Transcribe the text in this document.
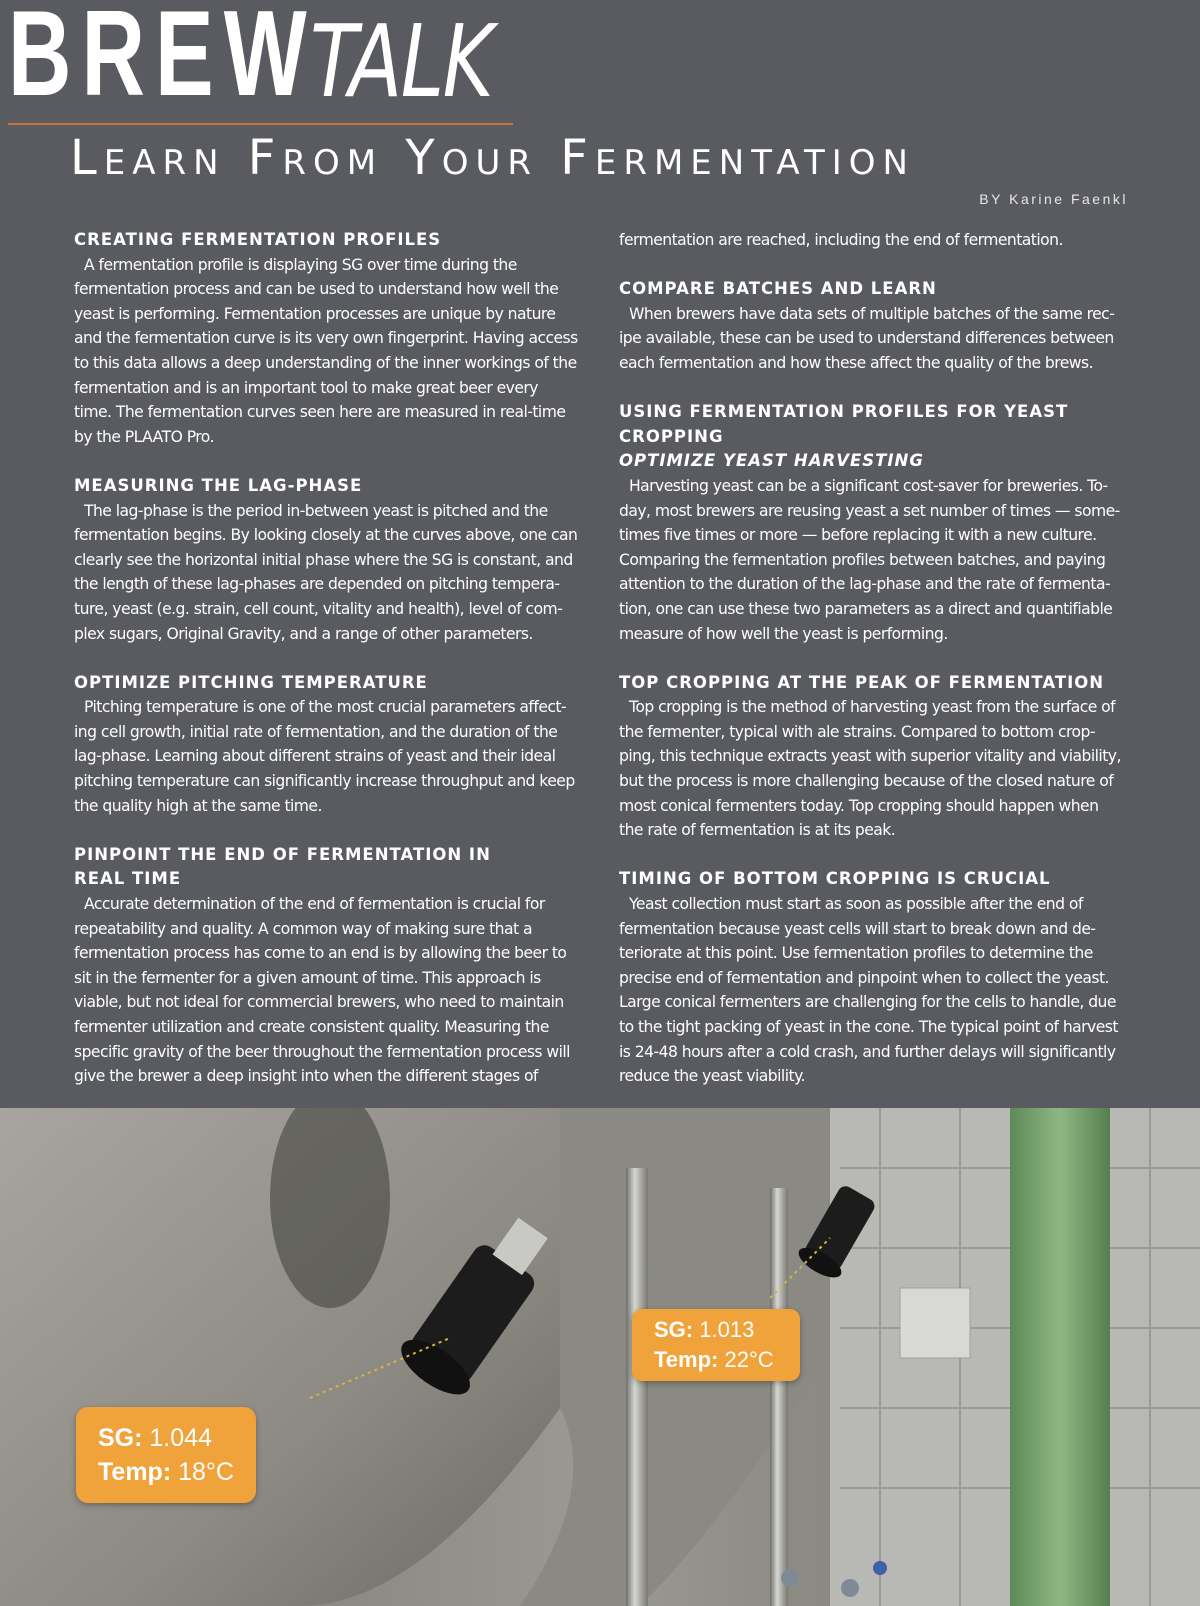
BREW
TALK
Learn From Your Fermentation
BY Karine Faenkl
CREATING FERMENTATION PROFILES

A fermentation profile is displaying SG over time during the fermentation process and can be used to understand how well the yeast is performing. Fermentation processes are unique by nature and the fermentation curve is its very own fingerprint. Having access to this data allows a deep understanding of the inner workings of the fermentation and is an important tool to make great beer every time. The fermentation curves seen here are measured in real-time by the PLAATO Pro.

MEASURING THE LAG-PHASE

The lag-phase is the period in-between yeast is pitched and the fermentation begins. By looking closely at the curves above, one can clearly see the horizontal initial phase where the SG is constant, and the length of these lag-phases are depended on pitching temperature, yeast (e.g. strain, cell count, vitality and health), level of complex sugars, Original Gravity, and a range of other parameters.

OPTIMIZE PITCHING TEMPERATURE

Pitching temperature is one of the most crucial parameters affecting cell growth, initial rate of fermentation, and the duration of the lag-phase. Learning about different strains of yeast and their ideal pitching temperature can significantly increase throughput and keep the quality high at the same time.

PINPOINT THE END OF FERMENTATION IN REAL TIME

Accurate determination of the end of fermentation is crucial for repeatability and quality. A common way of making sure that a fermentation process has come to an end is by allowing the beer to sit in the fermenter for a given amount of time. This approach is viable, but not ideal for commercial brewers, who need to maintain fermenter utilization and create consistent quality. Measuring the specific gravity of the beer throughout the fermentation process will give the brewer a deep insight into when the different stages of

fermentation are reached, including the end of fermentation.

COMPARE BATCHES AND LEARN

When brewers have data sets of multiple batches of the same recipe available, these can be used to understand differences between each fermentation and how these affect the quality of the brews.

USING FERMENTATION PROFILES FOR YEAST CROPPING
OPTIMIZE YEAST HARVESTING

Harvesting yeast can be a significant cost-saver for breweries. Today, most brewers are reusing yeast a set number of times — sometimes five times or more — before replacing it with a new culture. Comparing the fermentation profiles between batches, and paying attention to the duration of the lag-phase and the rate of fermentation, one can use these two parameters as a direct and quantifiable measure of how well the yeast is performing.

TOP CROPPING AT THE PEAK OF FERMENTATION

Top cropping is the method of harvesting yeast from the surface of the fermenter, typical with ale strains. Compared to bottom cropping, this technique extracts yeast with superior vitality and viability, but the process is more challenging because of the closed nature of most conical fermenters today. Top cropping should happen when the rate of fermentation is at its peak.

TIMING OF BOTTOM CROPPING IS CRUCIAL

Yeast collection must start as soon as possible after the end of fermentation because yeast cells will start to break down and deteriorate at this point. Use fermentation profiles to determine the precise end of fermentation and pinpoint when to collect the yeast. Large conical fermenters are challenging for the cells to handle, due to the tight packing of yeast in the cone. The typical point of harvest is 24-48 hours after a cold crash, and further delays will significantly reduce the yeast viability.

SG: 1.044
Temp: 18°C
SG: 1.013
Temp: 22°C
